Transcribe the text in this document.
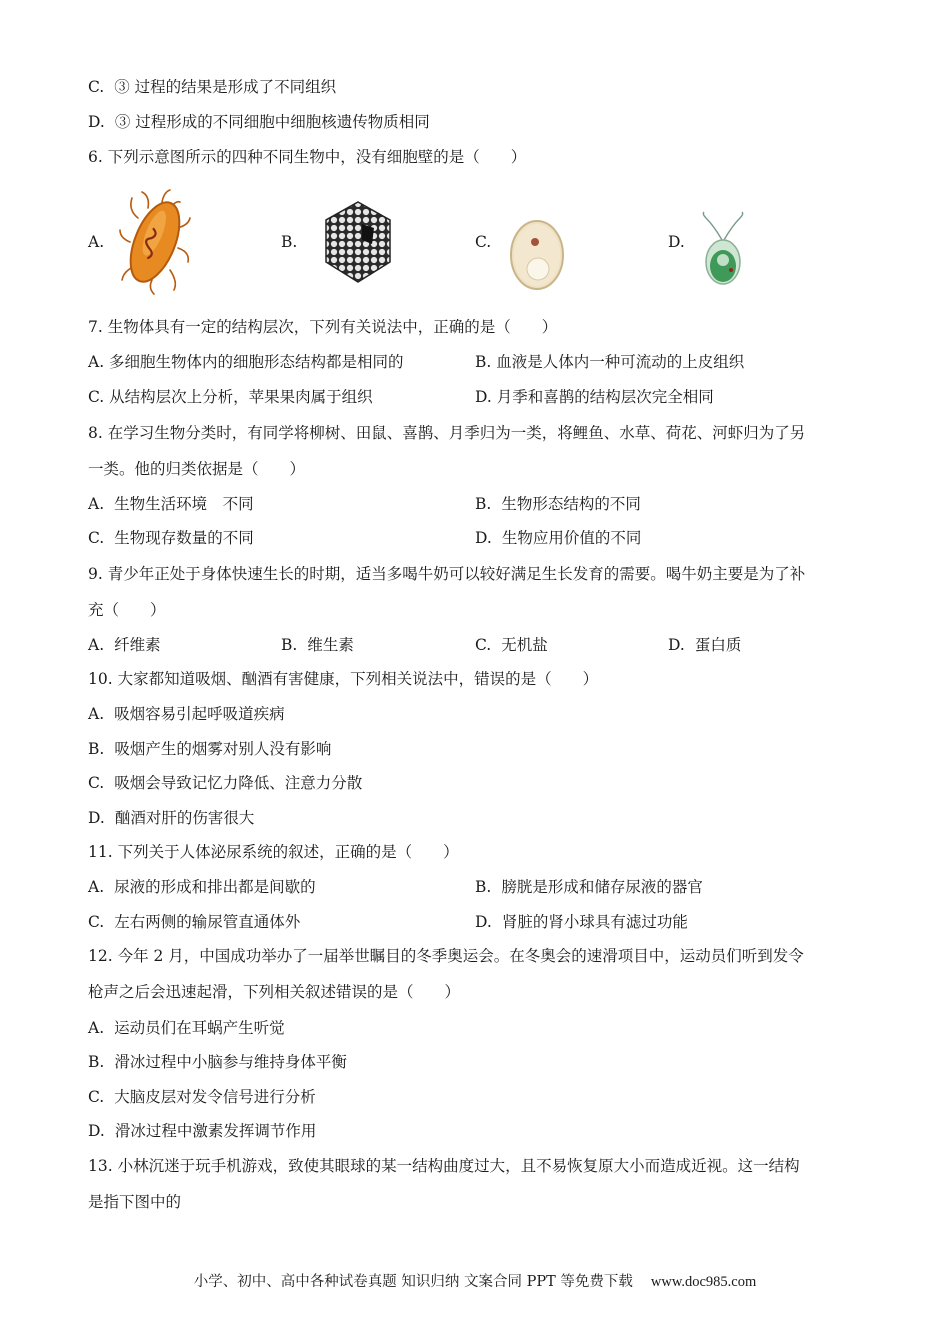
C. ③ 过程的结果是形成了不同组织
D. ③ 过程形成的不同细胞中细胞核遗传物质相同
6. 下列示意图所示的四种不同生物中，没有细胞壁的是（　　）
A.	B.	C.	D.
7. 生物体具有一定的结构层次，下列有关说法中，正确的是（　　）
A. 多细胞生物体内的细胞形态结构都是相同的	B. 血液是人体内一种可流动的上皮组织
C. 从结构层次上分析，苹果果肉属于组织	D. 月季和喜鹊的结构层次完全相同
8. 在学习生物分类时，有同学将柳树、田鼠、喜鹊、月季归为一类，将鲤鱼、水草、荷花、河虾归为了另
一类。他的归类依据是（　　）
A. 生物生活环境　不同	B. 生物形态结构的不同
C. 生物现存数量的不同	D. 生物应用价值的不同
9. 青少年正处于身体快速生长的时期，适当多喝牛奶可以较好满足生长发育的需要。喝牛奶主要是为了补
充（　　）
A. 纤维素	B. 维生素	C. 无机盐	D. 蛋白质
10. 大家都知道吸烟、酗酒有害健康，下列相关说法中，错误的是（　　）
A. 吸烟容易引起呼吸道疾病
B. 吸烟产生的烟雾对别人没有影响
C. 吸烟会导致记忆力降低、注意力分散
D. 酗酒对肝的伤害很大
11. 下列关于人体泌尿系统的叙述，正确的是（　　）
A. 尿液的形成和排出都是间歇的	B. 膀胱是形成和储存尿液的器官
C. 左右两侧的输尿管直通体外	D. 肾脏的肾小球具有滤过功能
12. 今年 2 月，中国成功举办了一届举世瞩目的冬季奥运会。在冬奥会的速滑项目中，运动员们听到发令
枪声之后会迅速起滑，下列相关叙述错误的是（　　）
A. 运动员们在耳蜗产生听觉
B. 滑冰过程中小脑参与维持身体平衡
C. 大脑皮层对发令信号进行分析
D. 滑冰过程中激素发挥调节作用
13. 小林沉迷于玩手机游戏，致使其眼球的某一结构曲度过大，且不易恢复原大小而造成近视。这一结构
是指下图中的
小学、初中、高中各种试卷真题 知识归纳 文案合同 PPT 等免费下载 www.doc985.com
